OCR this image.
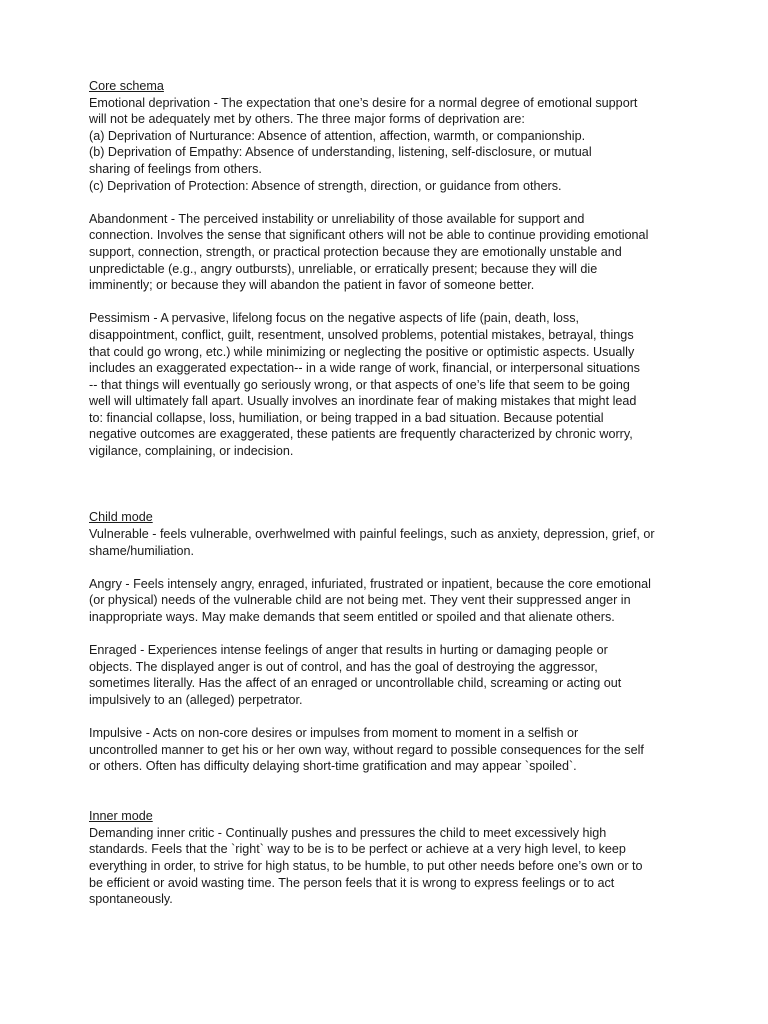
Core schema
Emotional deprivation - The expectation that one’s desire for a normal degree of emotional support
will not be adequately met by others. The three major forms of deprivation are:
(a) Deprivation of Nurturance: Absence of attention, affection, warmth, or companionship.
(b) Deprivation of Empathy: Absence of understanding, listening, self-disclosure, or mutual
sharing of feelings from others.
(c) Deprivation of Protection: Absence of strength, direction, or guidance from others.
Abandonment - The perceived instability or unreliability of those available for support and
connection. Involves the sense that significant others will not be able to continue providing emotional
support, connection, strength, or practical protection because they are emotionally unstable and
unpredictable (e.g., angry outbursts), unreliable, or erratically present; because they will die
imminently; or because they will abandon the patient in favor of someone better.
Pessimism - A pervasive, lifelong focus on the negative aspects of life (pain, death, loss,
disappointment, conflict, guilt, resentment, unsolved problems, potential mistakes, betrayal, things
that could go wrong, etc.) while minimizing or neglecting the positive or optimistic aspects. Usually
includes an exaggerated expectation-- in a wide range of work, financial, or interpersonal situations
-- that things will eventually go seriously wrong, or that aspects of one’s life that seem to be going
well will ultimately fall apart. Usually involves an inordinate fear of making mistakes that might lead
to: financial collapse, loss, humiliation, or being trapped in a bad situation. Because potential
negative outcomes are exaggerated, these patients are frequently characterized by chronic worry,
vigilance, complaining, or indecision.
Child mode
Vulnerable - feels vulnerable, overhwelmed with painful feelings, such as anxiety, depression, grief, or
shame/humiliation.
Angry - Feels intensely angry, enraged, infuriated, frustrated or inpatient, because the core emotional
(or physical) needs of the vulnerable child are not being met. They vent their suppressed anger in
inappropriate ways. May make demands that seem entitled or spoiled and that alienate others.
Enraged - Experiences intense feelings of anger that results in hurting or damaging people or
objects. The displayed anger is out of control, and has the goal of destroying the aggressor,
sometimes literally. Has the affect of an enraged or uncontrollable child, screaming or acting out
impulsively to an (alleged) perpetrator.
Impulsive - Acts on non-core desires or impulses from moment to moment in a selfish or
uncontrolled manner to get his or her own way, without regard to possible consequences for the self
or others. Often has difficulty delaying short-time gratification and may appear `spoiled`.
Inner mode
Demanding inner critic - Continually pushes and pressures the child to meet excessively high
standards. Feels that the `right` way to be is to be perfect or achieve at a very high level, to keep
everything in order, to strive for high status, to be humble, to put other needs before one’s own or to
be efficient or avoid wasting time. The person feels that it is wrong to express feelings or to act
spontaneously.
